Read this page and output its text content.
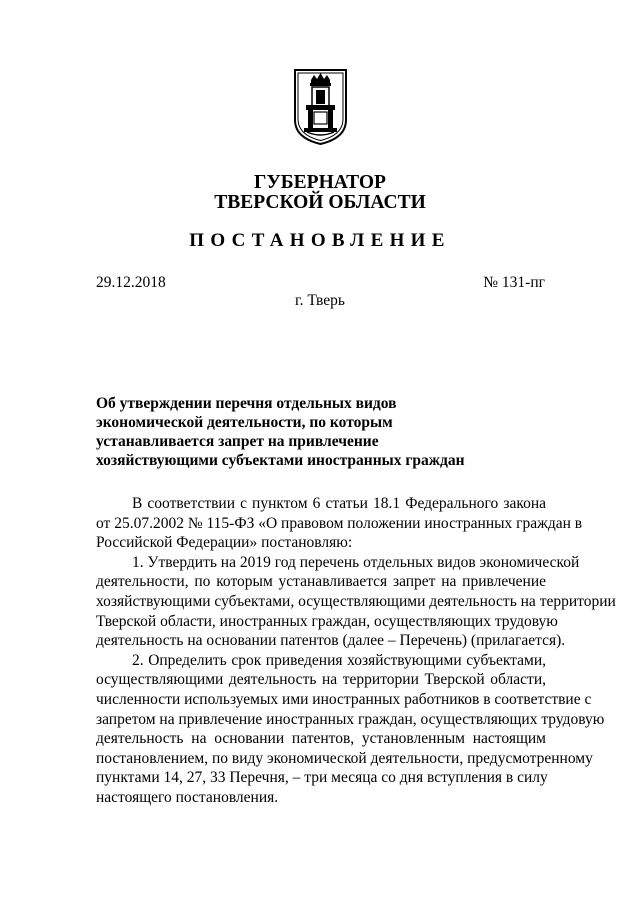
ГУБЕРНАТОР
ТВЕРСКОЙ ОБЛАСТИ
ПОСТАНОВЛЕНИЕ
29.12.2018	№ 131-пг
г. Тверь
Об утверждении перечня отдельных видов
экономической деятельности, по которым
устанавливается запрет на привлечение
хозяйствующими субъектами иностранных граждан

В соответствии с пунктом 6 статьи 18.1 Федерального закона
от 25.07.2002 № 115-ФЗ «О правовом положении иностранных граждан в
Российской Федерации» постановляю:

1. Утвердить на 2019 год перечень отдельных видов экономической
деятельности, по которым устанавливается запрет на привлечение
хозяйствующими субъектами, осуществляющими деятельность на территории
Тверской области, иностранных граждан, осуществляющих трудовую
деятельность на основании патентов (далее – Перечень) (прилагается).

2. Определить срок приведения хозяйствующими субъектами,
осуществляющими деятельность на территории Тверской области,
численности используемых ими иностранных работников в соответствие с
запретом на привлечение иностранных граждан, осуществляющих трудовую
деятельность на основании патентов, установленным настоящим
постановлением, по виду экономической деятельности, предусмотренному
пунктами 14, 27, 33 Перечня, – три месяца со дня вступления в силу
настоящего постановления.
